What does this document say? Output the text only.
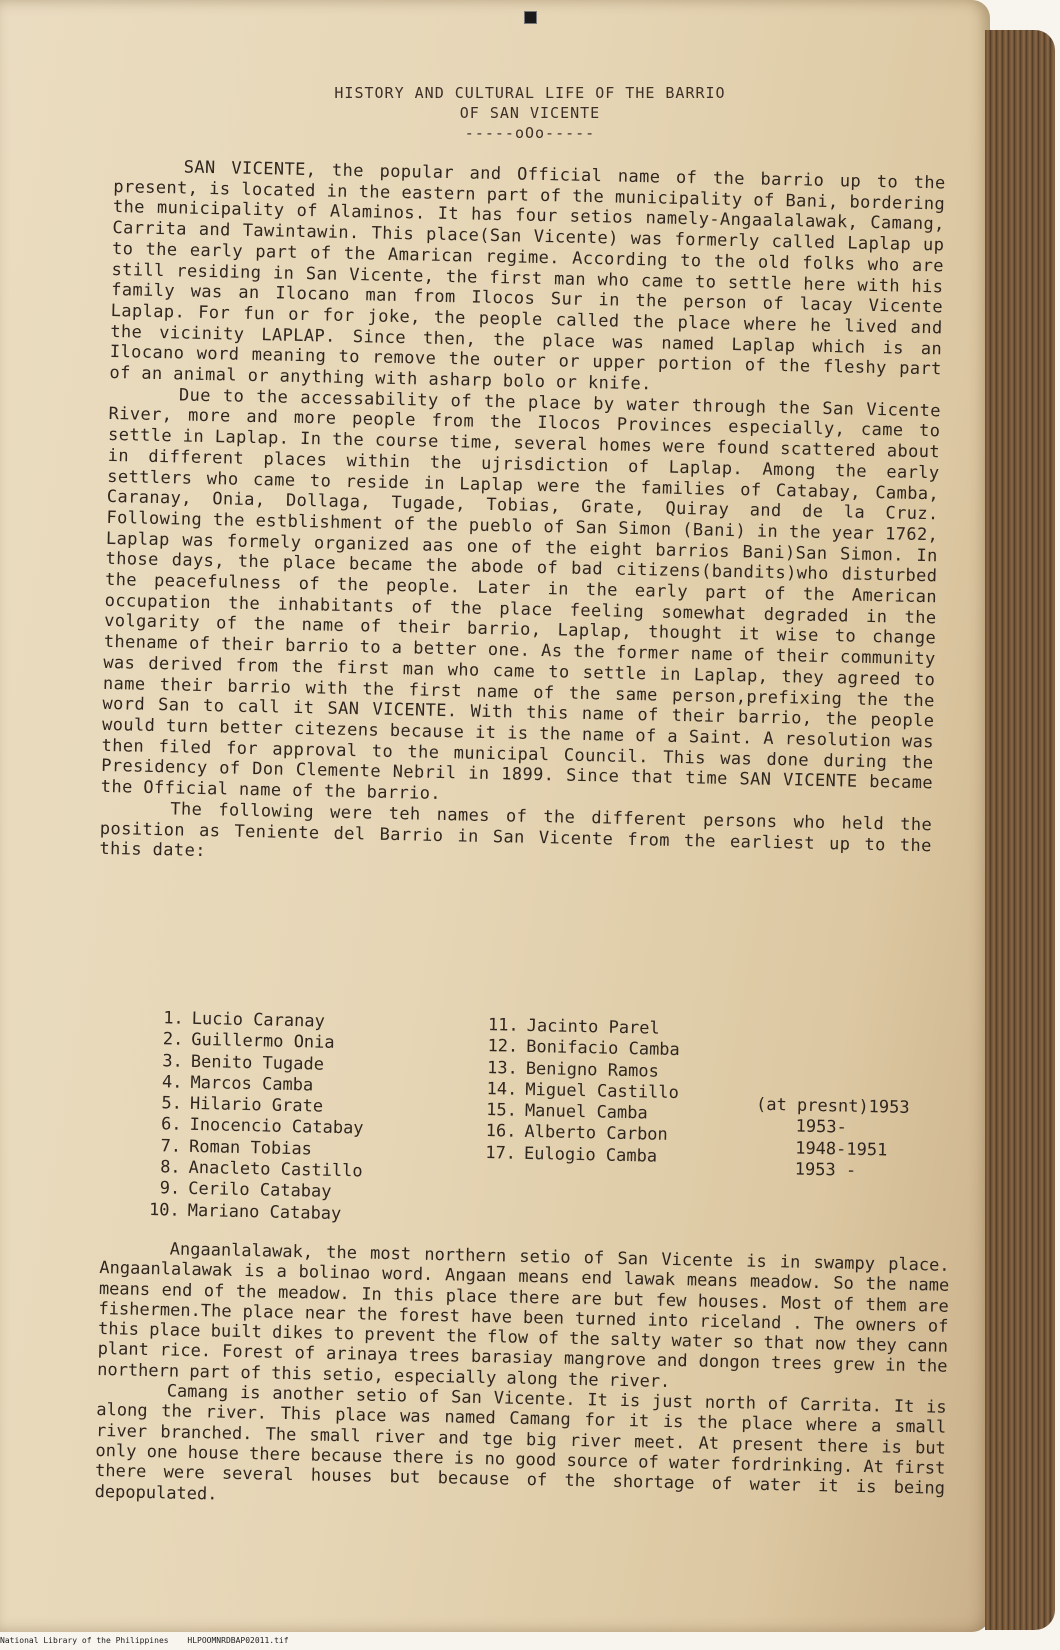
HISTORY AND CULTURAL LIFE OF THE BARRIO
OF SAN VICENTE
-----oOo-----

SAN VICENTE, the popular and Official name of the barrio up to the present, is located in the eastern part of the municipality of Bani, bordering the municipality of Alaminos. It has four setios namely-Angaalalawak, Camang, Carrita and Tawintawin. This place(San Vicente) was formerly called Laplap up to the early part of the Amarican regime. According to the old folks who are still residing in San Vicente, the first man who came to settle here with his family was an Ilocano man from Ilocos Sur in the person of lacay Vicente Laplap. For fun or for joke, the people called the place where he lived and the vicinity LAPLAP. Since then, the place was named Laplap which is an Ilocano word meaning to remove the outer or upper portion of the fleshy part of an animal or anything with asharp bolo or knife.

Due to the accessability of the place by water through the San Vicente River, more and more people from the Ilocos Provinces especially, came to settle in Laplap. In the course time, several homes were found scattered about in different places within the ujrisdiction of Laplap. Among the early settlers who came to reside in Laplap were the families of Catabay, Camba, Caranay, Onia, Dollaga, Tugade, Tobias, Grate, Quiray and de la Cruz. Following the estblishment of the pueblo of San Simon (Bani) in the year 1762, Laplap was formely organized aas one of the eight barrios Bani)San Simon. In those days, the place became the abode of bad citizens(bandits)who disturbed the peacefulness of the people. Later in the early part of the American occupation the inhabitants of the place feeling somewhat degraded in the volgarity of the name of their barrio, Laplap, thought it wise to change thename of their barrio to a better one. As the former name of their community was derived from the first man who came to settle in Laplap, they agreed to name their barrio with the first name of the same person,prefixing the the word San to call it SAN VICENTE. With this name of their barrio, the people would turn better citezens because it is the name of a Saint. A resolution was then filed for approval to the municipal Council. This was done during the Presidency of Don Clemente Nebril in 1899. Since that time SAN VICENTE became the Official name of the barrio.

The following were teh names of the different persons who held the position as Teniente del Barrio in San Vicente from the earliest up to the this date:

1. Lucio Caranay
2. Guillermo Onia
3. Benito Tugade
4. Marcos Camba
5. Hilario Grate
6. Inocencio Catabay
7. Roman Tobias
8. Anacleto Castillo
9. Cerilo Catabay
10. Mariano Catabay
11. Jacinto Parel
12. Bonifacio Camba
13. Benigno Ramos
14. Miguel Castillo
15. Manuel Camba
16. Alberto Carbon
17. Eulogio Camba
(at presnt)1953
1953-
1948-1951
1953 -

Angaanlalawak, the most northern setio of San Vicente is in swampy place. Angaanlalawak is a bolinao word. Angaan means end lawak means meadow. So the name means end of the meadow. In this place there are but few houses. Most of them are fishermen.The place near the forest have been turned into riceland . The owners of this place built dikes to prevent the flow of the salty water so that now they cann plant rice. Forest of arinaya trees barasiay mangrove and dongon trees grew in the northern part of this setio, especially along the river.

Camang is another setio of San Vicente. It is just north of Carrita. It is along the river. This place was named Camang for it is the place where a small river branched. The small river and tge big river meet. At present there is but only one house there because there is no good source of water fordrinking. At first there were several houses but because of the shortage of water it is being depopulated.

National Library of the Philippines HLPOOMNRDBAP02011.tif
